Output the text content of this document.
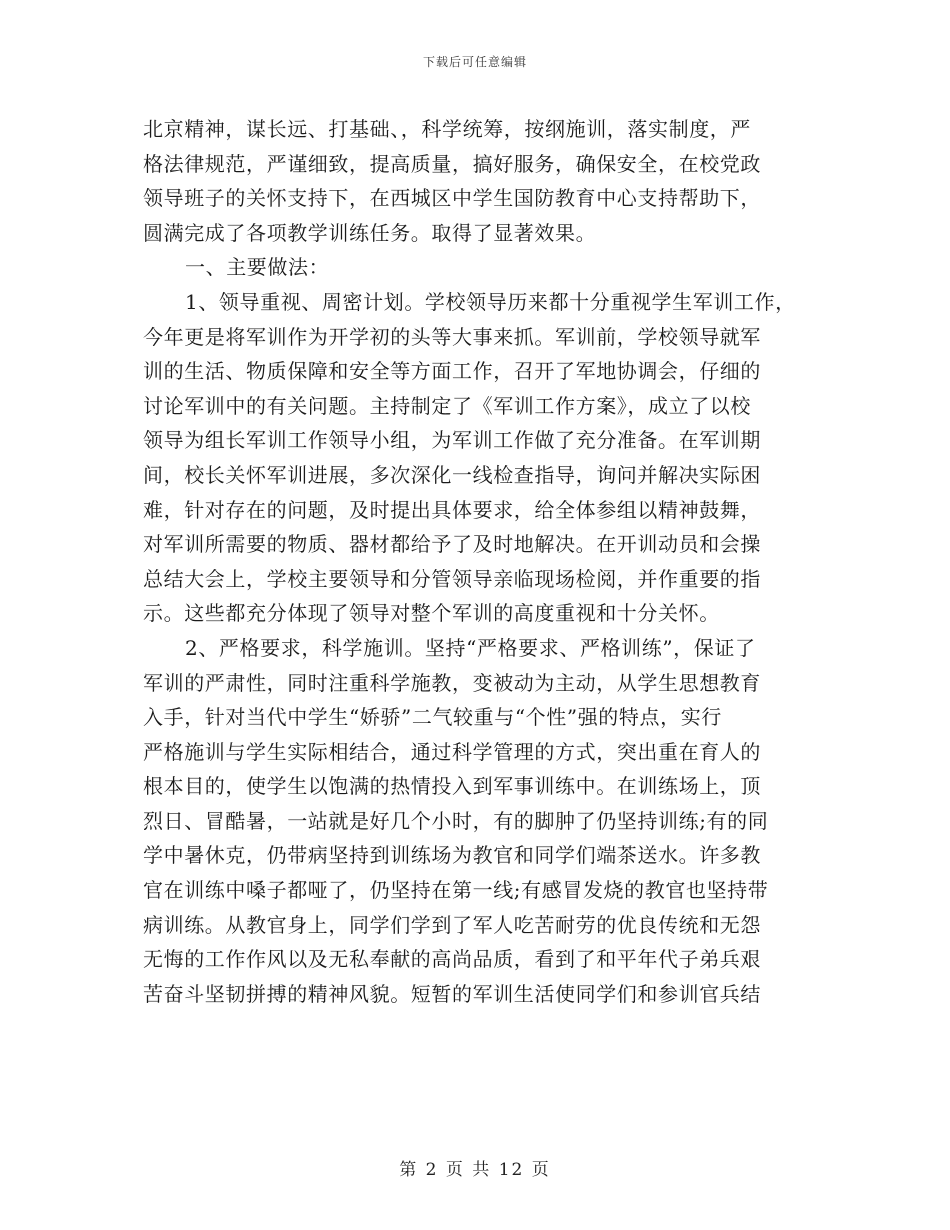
下载后可任意编辑
北京精神，谋长远、打基础、，科学统筹，按纲施训，落实制度，严
格法律规范，严谨细致，提高质量，搞好服务，确保安全，在校党政
领导班子的关怀支持下，在西城区中学生国防教育中心支持帮助下，
圆满完成了各项教学训练任务。取得了显著效果。
一、主要做法：
1、领导重视、周密计划。学校领导历来都十分重视学生军训工作，
今年更是将军训作为开学初的头等大事来抓。军训前，学校领导就军
训的生活、物质保障和安全等方面工作，召开了军地协调会，仔细的
讨论军训中的有关问题。主持制定了《军训工作方案》，成立了以校
领导为组长军训工作领导小组，为军训工作做了充分准备。在军训期
间，校长关怀军训进展，多次深化一线检查指导，询问并解决实际困
难，针对存在的问题，及时提出具体要求，给全体参组以精神鼓舞，
对军训所需要的物质、器材都给予了及时地解决。在开训动员和会操
总结大会上，学校主要领导和分管领导亲临现场检阅，并作重要的指
示。这些都充分体现了领导对整个军训的高度重视和十分关怀。
2、严格要求，科学施训。坚持“严格要求、严格训练”，保证了
军训的严肃性，同时注重科学施教，变被动为主动，从学生思想教育
入手，针对当代中学生“娇骄”二气较重与“个性”强的特点，实行
严格施训与学生实际相结合，通过科学管理的方式，突出重在育人的
根本目的，使学生以饱满的热情投入到军事训练中。在训练场上，顶
烈日、冒酷暑，一站就是好几个小时，有的脚肿了仍坚持训练;有的同
学中暑休克，仍带病坚持到训练场为教官和同学们端茶送水。许多教
官在训练中嗓子都哑了，仍坚持在第一线;有感冒发烧的教官也坚持带
病训练。从教官身上，同学们学到了军人吃苦耐劳的优良传统和无怨
无悔的工作作风以及无私奉献的高尚品质，看到了和平年代子弟兵艰
苦奋斗坚韧拼搏的精神风貌。短暂的军训生活使同学们和参训官兵结
第 2 页 共 12 页
